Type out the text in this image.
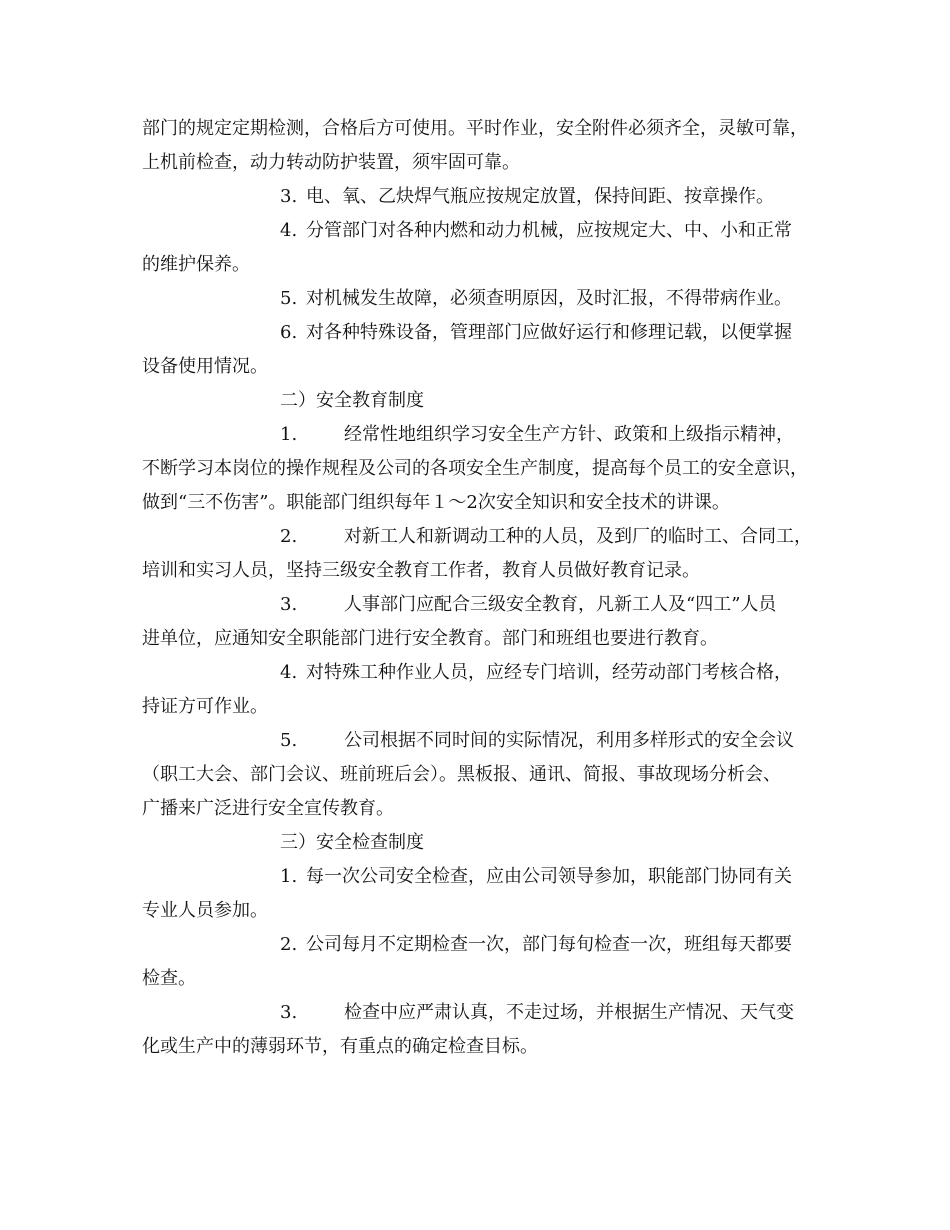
部门的规定定期检测，合格后方可使用。平时作业，安全附件必须齐全，灵敏可靠，
上机前检查，动力转动防护装置，须牢固可靠。
3. 电、氧、乙炔焊气瓶应按规定放置，保持间距、按章操作。
4. 分管部门对各种内燃和动力机械，应按规定大、中、小和正常
的维护保养。
5. 对机械发生故障，必须查明原因，及时汇报，不得带病作业。
6. 对各种特殊设备，管理部门应做好运行和修理记载，以便掌握
设备使用情况。
二）安全教育制度
1.	经常性地组织学习安全生产方针、政策和上级指示精神，
不断学习本岗位的操作规程及公司的各项安全生产制度，提高每个员工的安全意识，
做到“三不伤害”。职能部门组织每年１～2次安全知识和安全技术的讲课。
2.	对新工人和新调动工种的人员，及到厂的临时工、合同工，
培训和实习人员，坚持三级安全教育工作者，教育人员做好教育记录。
3.	人事部门应配合三级安全教育，凡新工人及“四工”人员
进单位，应通知安全职能部门进行安全教育。部门和班组也要进行教育。
4. 对特殊工种作业人员，应经专门培训，经劳动部门考核合格，
持证方可作业。
5.	公司根据不同时间的实际情况，利用多样形式的安全会议
（职工大会、部门会议、班前班后会）。黑板报、通讯、简报、事故现场分析会、
广播来广泛进行安全宣传教育。
三）安全检查制度
1. 每一次公司安全检查，应由公司领导参加，职能部门协同有关
专业人员参加。
2. 公司每月不定期检查一次，部门每旬检查一次，班组每天都要
检查。
3.	检查中应严肃认真，不走过场，并根据生产情况、天气变
化或生产中的薄弱环节，有重点的确定检查目标。
